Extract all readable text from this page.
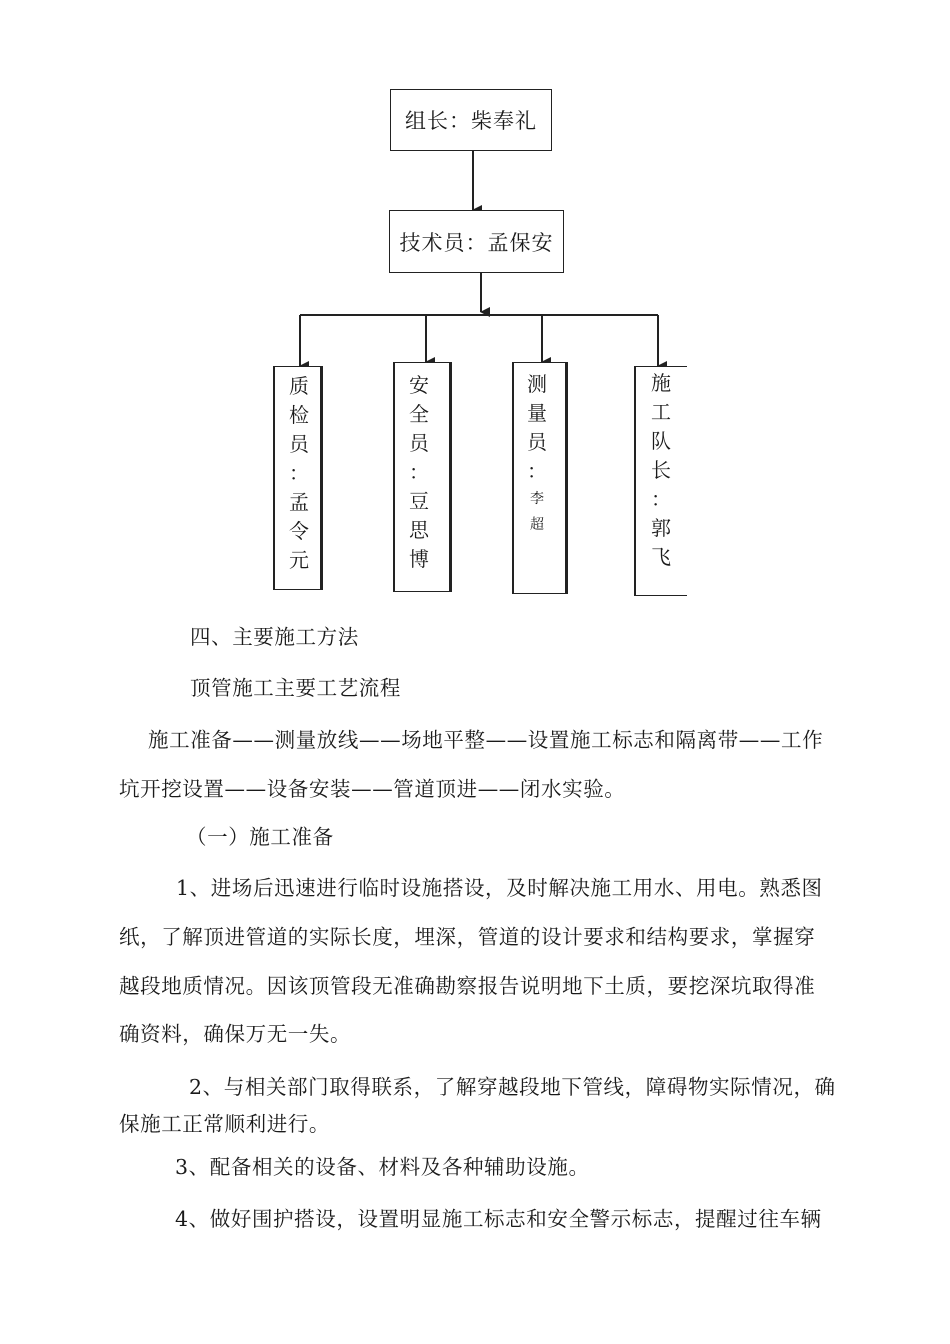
组长：柴奉礼
技术员：孟保安
质
检
员
：
孟
令
元
安
全
员
：
豆
思
博
测
量
员
：
李
超
施
工
队
长
：
郭
飞
四、主要施工方法
顶管施工主要工艺流程
施工准备——测量放线——场地平整——设置施工标志和隔离带——工作
坑开挖设置——设备安装——管道顶进——闭水实验。
（一）施工准备
1、进场后迅速进行临时设施搭设，及时解决施工用水、用电。熟悉图
纸，了解顶进管道的实际长度，埋深，管道的设计要求和结构要求，掌握穿
越段地质情况。因该顶管段无准确勘察报告说明地下土质，要挖深坑取得准
确资料，确保万无一失。
2、与相关部门取得联系，了解穿越段地下管线，障碍物实际情况，确
保施工正常顺利进行。
3、配备相关的设备、材料及各种辅助设施。
4、做好围护搭设，设置明显施工标志和安全警示标志，提醒过往车辆
